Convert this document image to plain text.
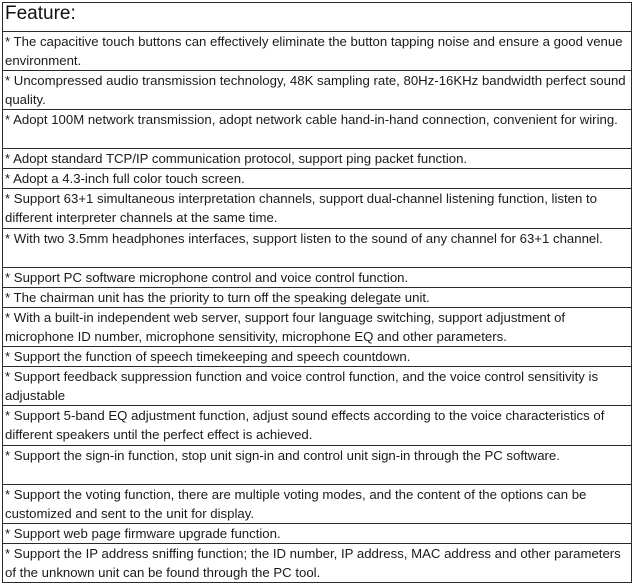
Feature:
* The capacitive touch buttons can effectively eliminate the button tapping noise and ensure a good venue environment.
* Uncompressed audio transmission technology, 48K sampling rate, 80Hz-16KHz bandwidth perfect sound quality.
* Adopt 100M network transmission, adopt network cable hand-in-hand connection, convenient for wiring.
* Adopt standard TCP/IP communication protocol, support ping packet function.
* Adopt a 4.3-inch full color touch screen.
* Support 63+1 simultaneous interpretation channels, support dual-channel listening function, listen to different interpreter channels at the same time.
* With two 3.5mm headphones interfaces, support listen to the sound of any channel for 63+1 channel.
* Support PC software microphone control and voice control function.
* The chairman unit has the priority to turn off the speaking delegate unit.
* With a built-in independent web server, support four language switching, support adjustment of microphone ID number, microphone sensitivity, microphone EQ and other parameters.
* Support the function of speech timekeeping and speech countdown.
* Support feedback suppression function and voice control function, and the voice control sensitivity is adjustable
* Support 5-band EQ adjustment function, adjust sound effects according to the voice characteristics of different speakers until the perfect effect is achieved.
* Support the sign-in function, stop unit sign-in and control unit sign-in through the PC software.
* Support the voting function, there are multiple voting modes, and the content of the options can be customized and sent to the unit for display.
* Support web page firmware upgrade function.
* Support the IP address sniffing function; the ID number, IP address, MAC address and other parameters of the unknown unit can be found through the PC tool.
